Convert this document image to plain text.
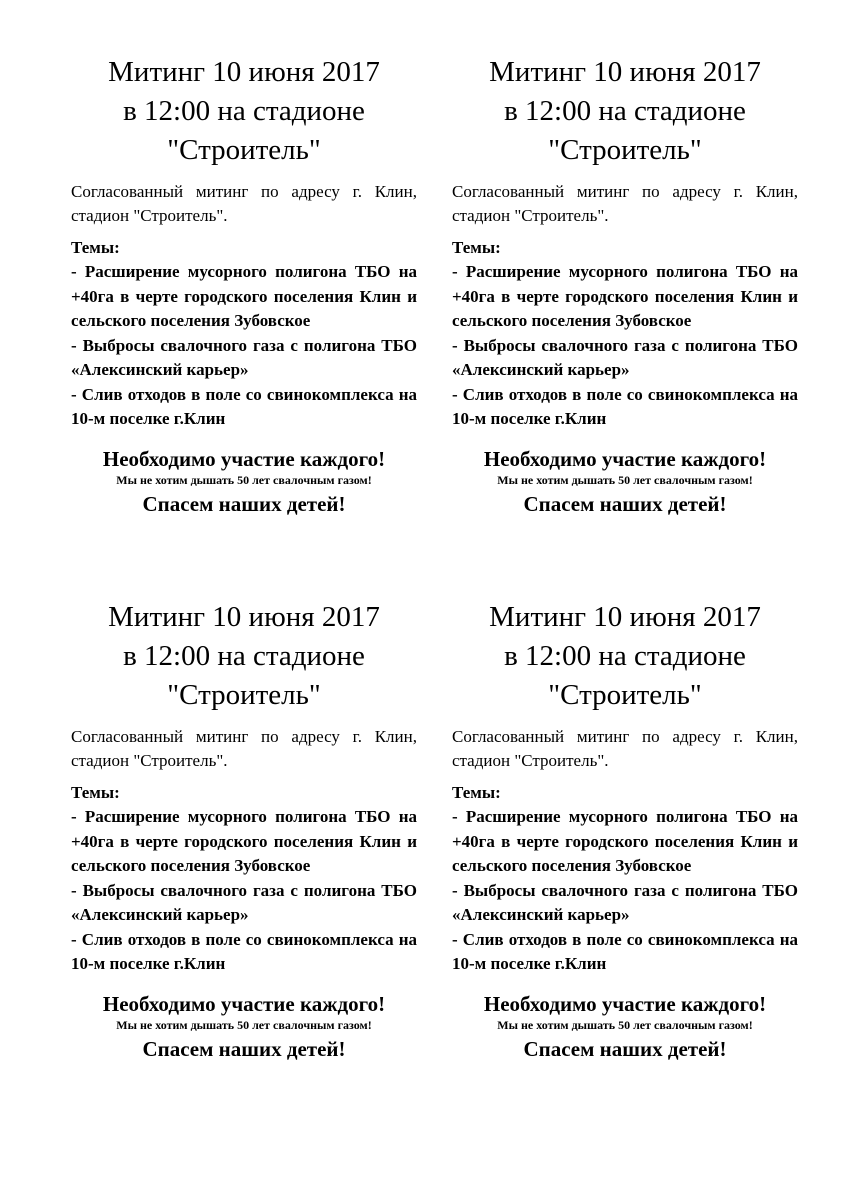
Митинг 10 июня 2017
в 12:00 на стадионе
"Строитель"
Согласованный митинг по адресу г. Клин, стадион "Строитель".
Темы:
- Расширение мусорного полигона ТБО на +40га в черте городского поселения Клин и сельского поселения Зубовское
- Выбросы свалочного газа с полигона ТБО «Алексинский карьер»
- Слив отходов в поле со свинокомплекса на 10-м поселке г.Клин
Необходимо участие каждого!
Мы не хотим дышать 50 лет свалочным газом!
Спасем наших детей!
Митинг 10 июня 2017
в 12:00 на стадионе
"Строитель"
Согласованный митинг по адресу г. Клин, стадион "Строитель".
Темы:
- Расширение мусорного полигона ТБО на +40га в черте городского поселения Клин и сельского поселения Зубовское
- Выбросы свалочного газа с полигона ТБО «Алексинский карьер»
- Слив отходов в поле со свинокомплекса на 10-м поселке г.Клин
Необходимо участие каждого!
Мы не хотим дышать 50 лет свалочным газом!
Спасем наших детей!
Митинг 10 июня 2017
в 12:00 на стадионе
"Строитель"
Согласованный митинг по адресу г. Клин, стадион "Строитель".
Темы:
- Расширение мусорного полигона ТБО на +40га в черте городского поселения Клин и сельского поселения Зубовское
- Выбросы свалочного газа с полигона ТБО «Алексинский карьер»
- Слив отходов в поле со свинокомплекса на 10-м поселке г.Клин
Необходимо участие каждого!
Мы не хотим дышать 50 лет свалочным газом!
Спасем наших детей!
Митинг 10 июня 2017
в 12:00 на стадионе
"Строитель"
Согласованный митинг по адресу г. Клин, стадион "Строитель".
Темы:
- Расширение мусорного полигона ТБО на +40га в черте городского поселения Клин и сельского поселения Зубовское
- Выбросы свалочного газа с полигона ТБО «Алексинский карьер»
- Слив отходов в поле со свинокомплекса на 10-м поселке г.Клин
Необходимо участие каждого!
Мы не хотим дышать 50 лет свалочным газом!
Спасем наших детей!
